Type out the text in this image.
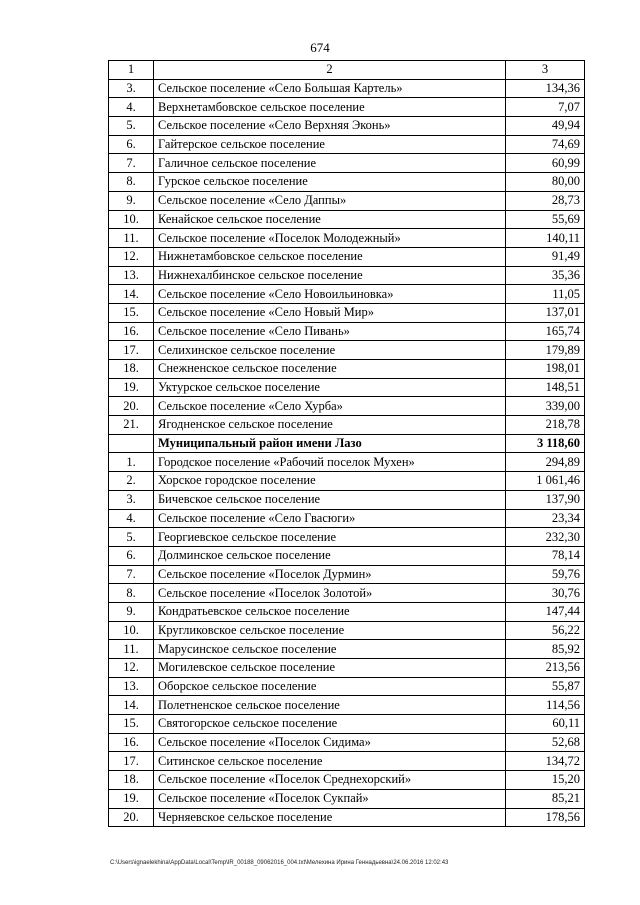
674
1	2	3
3.	Сельское поселение «Село Большая Картель»	134,36
4.	Верхнетамбовское сельское поселение	7,07
5.	Сельское поселение «Село Верхняя Эконь»	49,94
6.	Гайтерское сельское поселение	74,69
7.	Галичное сельское поселение	60,99
8.	Гурское сельское поселение	80,00
9.	Сельское поселение «Село Даппы»	28,73
10.	Кенайское сельское поселение	55,69
11.	Сельское поселение «Поселок Молодежный»	140,11
12.	Нижнетамбовское сельское поселение	91,49
13.	Нижнехалбинское сельское поселение	35,36
14.	Сельское поселение «Село Новоильиновка»	11,05
15.	Сельское поселение «Село Новый Мир»	137,01
16.	Сельское поселение «Село Пивань»	165,74
17.	Селихинское сельское поселение	179,89
18.	Снежненское сельское поселение	198,01
19.	Уктурское сельское поселение	148,51
20.	Сельское поселение «Село Хурба»	339,00
21.	Ягодненское сельское поселение	218,78
	Муниципальный район имени Лазо	3 118,60
1.	Городское поселение «Рабочий поселок Мухен»	294,89
2.	Хорское городское поселение	1 061,46
3.	Бичевское сельское поселение	137,90
4.	Сельское поселение «Село Гвасюги»	23,34
5.	Георгиевское сельское поселение	232,30
6.	Долминское сельское поселение	78,14
7.	Сельское поселение «Поселок Дурмин»	59,76
8.	Сельское поселение «Поселок Золотой»	30,76
9.	Кондратьевское сельское поселение	147,44
10.	Кругликовское сельское поселение	56,22
11.	Марусинское сельское поселение	85,92
12.	Могилевское сельское поселение	213,56
13.	Оборское сельское поселение	55,87
14.	Полетненское сельское поселение	114,56
15.	Святогорское сельское поселение	60,11
16.	Сельское поселение «Поселок Сидима»	52,68
17.	Ситинское сельское поселение	134,72
18.	Сельское поселение «Поселок Среднехорский»	15,20
19.	Сельское поселение «Поселок Сукпай»	85,21
20.	Черняевское сельское поселение	178,56
C:\Users\ignaelekhina\AppData\Local\Temp\IR_00188_09062016_004.txt\Мелехина Ирина Геннадьевна\24.06.2016 12:02:43
